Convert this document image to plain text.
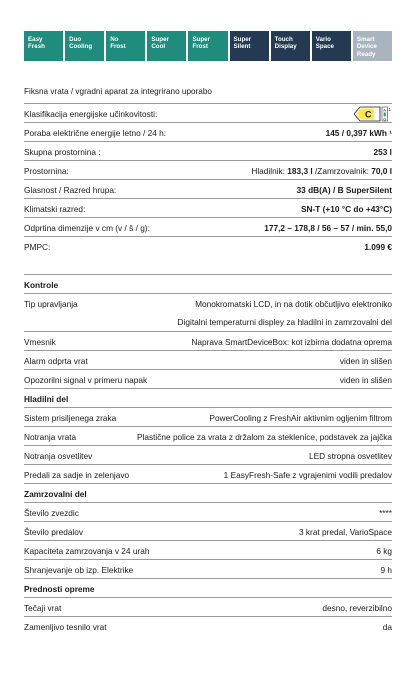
Easy
Fresh
Duo
Cooling
No
Frost
Super
Cool
Super
Frost
Super
Silent
Touch
Display
Vario
Space
Smart
Device
Ready
Fiksna vrata / vgradni aparat za integrirano uporabo
Klasifikacija energijske učinkovitosti:	C	A
G
1
Poraba električne energije letno / 24 h:	145 / 0,397 kWh ¹
Skupna prostornina :	253 l
Prostornina:	Hladilnik: 183,3 l /Zamrzovalnik: 70,0 l
Glasnost / Razred hrupa:	33 dB(A) / B SuperSilent
Klimatski razred:	SN-T (+10 °C do +43°C)
Odprtina dimenzije v cm (v / š / g):	177,2 – 178,8 / 56 – 57 / min. 55,0
PMPC:	1.099 €
Kontrole
Tip upravljanja	Monokromatski LCD, in na dotik občutljivo elektroniko
Digitalni temperaturni displey za hladilni in zamrzovalni del
Vmesnik	Naprava SmartDeviceBox: kot izbirna dodatna oprema
Alarm odprta vrat	viden in slišen
Opozorilni signal v primeru napak	viden in slišen
Hladilni del
Sistem prisiljenega zraka	PowerCooling z FreshAir aktivnim ogljenim filtrom
Notranja vrata	Plastične police za vrata z držalom za steklenice, podstavek za jajčka
Notranja osvetlitev	LED stropna osvetlitev
Predali za sadje in zelenjavo	1 EasyFresh-Safe z vgrajenimi vodili predalov
Zamrzovalni del
Število zvezdic	****
Število predalov	3 krat predal, VarioSpace
Kapaciteta zamrzovanja v 24 urah	6 kg
Shranjevanje ob izp. Elektrike	9 h
Prednosti opreme
Tečaji vrat	desno, reverzibilno
Zamenljivo tesnilo vrat	da
